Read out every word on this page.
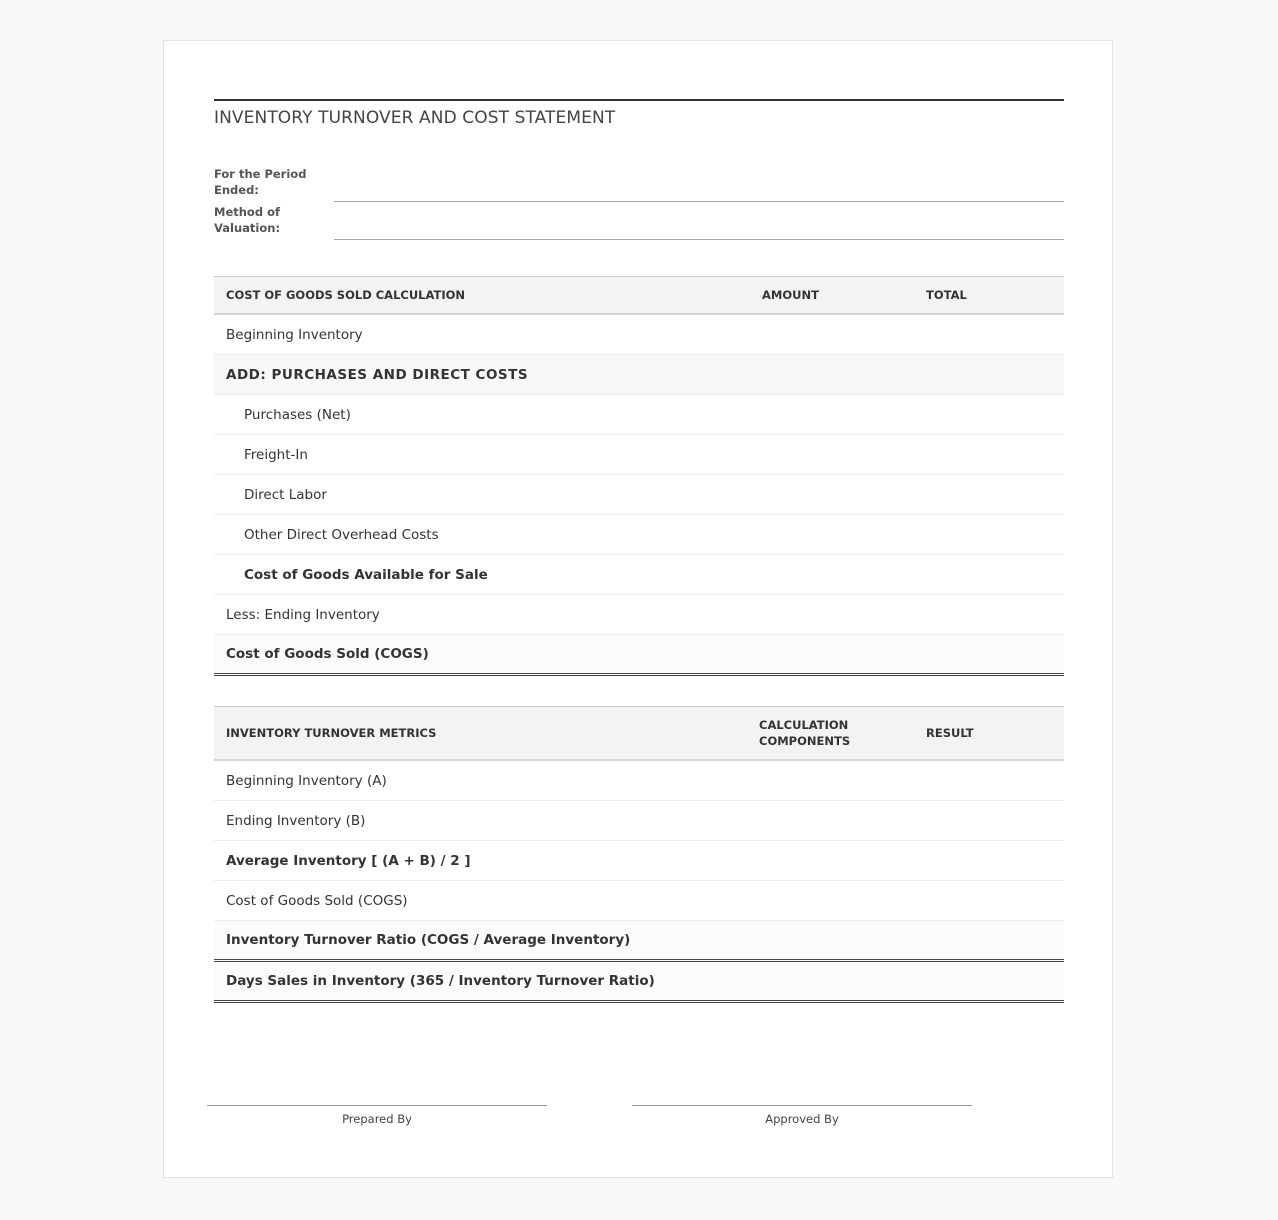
INVENTORY TURNOVER AND COST STATEMENT
For the Period Ended:
Method of Valuation:
COST OF GOODS SOLD CALCULATION	AMOUNT	TOTAL
Beginning Inventory		
ADD: PURCHASES AND DIRECT COSTS		
Purchases (Net)		
Freight-In		
Direct Labor		
Other Direct Overhead Costs		
Cost of Goods Available for Sale		
Less: Ending Inventory		
Cost of Goods Sold (COGS)		
INVENTORY TURNOVER METRICS	CALCULATION COMPONENTS	RESULT
Beginning Inventory (A)		
Ending Inventory (B)		
Average Inventory [ (A + B) / 2 ]		
Cost of Goods Sold (COGS)		
Inventory Turnover Ratio (COGS / Average Inventory)		
Days Sales in Inventory (365 / Inventory Turnover Ratio)		
Prepared By	Approved By
